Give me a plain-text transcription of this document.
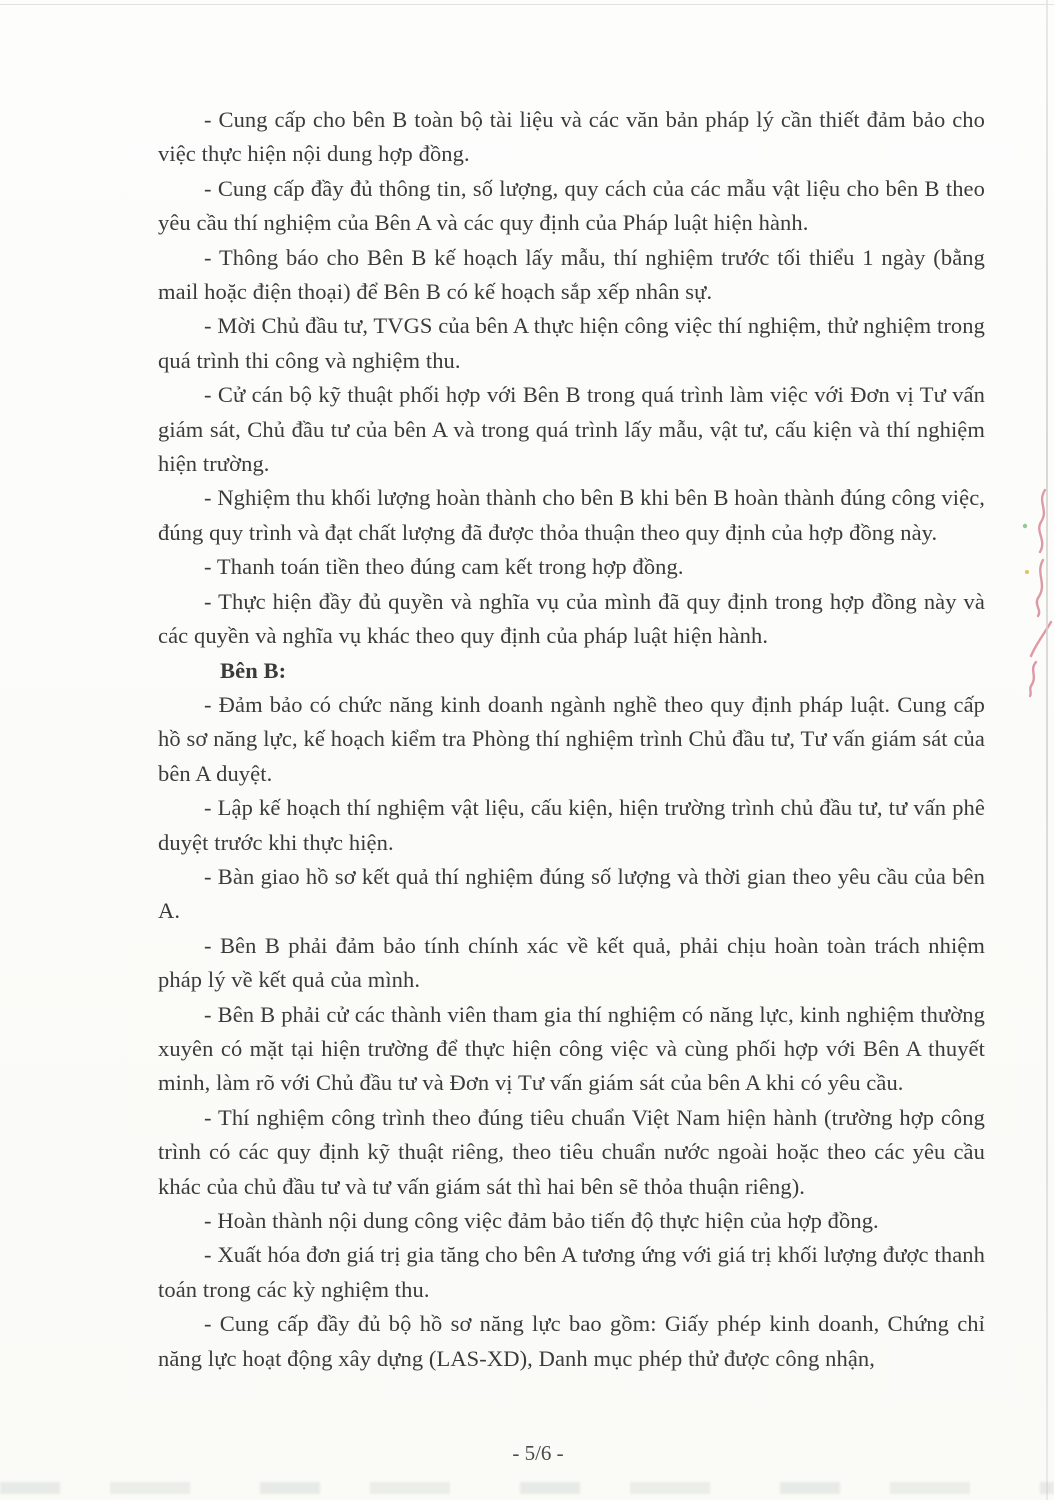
- Cung cấp cho bên B toàn bộ tài liệu và các văn bản pháp lý cần thiết đảm bảo cho việc thực hiện nội dung hợp đồng.

- Cung cấp đầy đủ thông tin, số lượng, quy cách của các mẫu vật liệu cho bên B theo yêu cầu thí nghiệm của Bên A và các quy định của Pháp luật hiện hành.

- Thông báo cho Bên B kế hoạch lấy mẫu, thí nghiệm trước tối thiểu 1 ngày (bằng mail hoặc điện thoại) để Bên B có kế hoạch sắp xếp nhân sự.

- Mời Chủ đầu tư, TVGS của bên A thực hiện công việc thí nghiệm, thử nghiệm trong quá trình thi công và nghiệm thu.

- Cử cán bộ kỹ thuật phối hợp với Bên B trong quá trình làm việc với Đơn vị Tư vấn giám sát, Chủ đầu tư của bên A và trong quá trình lấy mẫu, vật tư, cấu kiện và thí nghiệm hiện trường.

- Nghiệm thu khối lượng hoàn thành cho bên B khi bên B hoàn thành đúng công việc, đúng quy trình và đạt chất lượng đã được thỏa thuận theo quy định của hợp đồng này.

- Thanh toán tiền theo đúng cam kết trong hợp đồng.

- Thực hiện đầy đủ quyền và nghĩa vụ của mình đã quy định trong hợp đồng này và các quyền và nghĩa vụ khác theo quy định của pháp luật hiện hành.

Bên B:

- Đảm bảo có chức năng kinh doanh ngành nghề theo quy định pháp luật. Cung cấp hồ sơ năng lực, kế hoạch kiểm tra Phòng thí nghiệm trình Chủ đầu tư, Tư vấn giám sát của bên A duyệt.

- Lập kế hoạch thí nghiệm vật liệu, cấu kiện, hiện trường trình chủ đầu tư, tư vấn phê duyệt trước khi thực hiện.

- Bàn giao hồ sơ kết quả thí nghiệm đúng số lượng và thời gian theo yêu cầu của bên A.

- Bên B phải đảm bảo tính chính xác về kết quả, phải chịu hoàn toàn trách nhiệm pháp lý về kết quả của mình.

- Bên B phải cử các thành viên tham gia thí nghiệm có năng lực, kinh nghiệm thường xuyên có mặt tại hiện trường để thực hiện công việc và cùng phối hợp với Bên A thuyết minh, làm rõ với Chủ đầu tư và Đơn vị Tư vấn giám sát của bên A khi có yêu cầu.

- Thí nghiệm công trình theo đúng tiêu chuẩn Việt Nam hiện hành (trường hợp công trình có các quy định kỹ thuật riêng, theo tiêu chuẩn nước ngoài hoặc theo các yêu cầu khác của chủ đầu tư và tư vấn giám sát thì hai bên sẽ thỏa thuận riêng).

- Hoàn thành nội dung công việc đảm bảo tiến độ thực hiện của hợp đồng.

- Xuất hóa đơn giá trị gia tăng cho bên A tương ứng với giá trị khối lượng được thanh toán trong các kỳ nghiệm thu.

- Cung cấp đầy đủ bộ hồ sơ năng lực bao gồm: Giấy phép kinh doanh, Chứng chỉ năng lực hoạt động xây dựng (LAS-XD), Danh mục phép thử được công nhận,

- 5/6 -
